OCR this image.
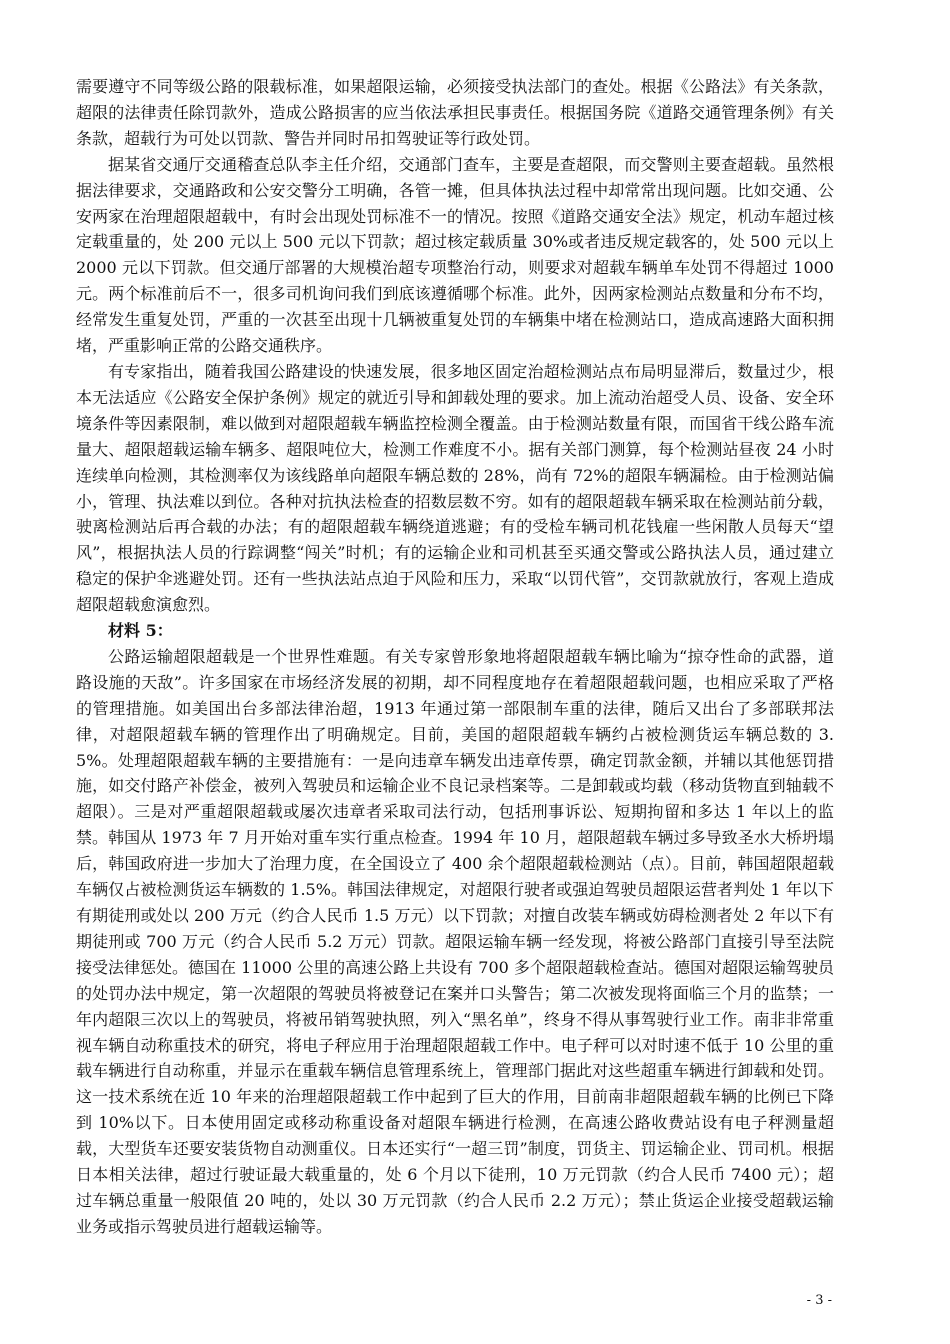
需要遵守不同等级公路的限载标准，如果超限运输，必须接受执法部门的查处。根据《公路法》有关条款，超限的法律责任除罚款外，造成公路损害的应当依法承担民事责任。根据国务院《道路交通管理条例》有关条款，超载行为可处以罚款、警告并同时吊扣驾驶证等行政处罚。

据某省交通厅交通稽查总队李主任介绍，交通部门查车，主要是查超限，而交警则主要查超载。虽然根据法律要求，交通路政和公安交警分工明确，各管一摊，但具体执法过程中却常常出现问题。比如交通、公安两家在治理超限超载中，有时会出现处罚标准不一的情况。按照《道路交通安全法》规定，机动车超过核定载重量的，处 200 元以上 500 元以下罚款；超过核定载质量 30%或者违反规定载客的，处 500 元以上 2000 元以下罚款。但交通厅部署的大规模治超专项整治行动，则要求对超载车辆单车处罚不得超过 1000 元。两个标准前后不一，很多司机询问我们到底该遵循哪个标准。此外，因两家检测站点数量和分布不均，经常发生重复处罚，严重的一次甚至出现十几辆被重复处罚的车辆集中堵在检测站口，造成高速路大面积拥堵，严重影响正常的公路交通秩序。

有专家指出，随着我国公路建设的快速发展，很多地区固定治超检测站点布局明显滞后，数量过少，根本无法适应《公路安全保护条例》规定的就近引导和卸载处理的要求。加上流动治超受人员、设备、安全环境条件等因素限制，难以做到对超限超载车辆监控检测全覆盖。由于检测站数量有限，而国省干线公路车流量大、超限超载运输车辆多、超限吨位大，检测工作难度不小。据有关部门测算，每个检测站昼夜 24 小时连续单向检测，其检测率仅为该线路单向超限车辆总数的 28%，尚有 72%的超限车辆漏检。由于检测站偏小，管理、执法难以到位。各种对抗执法检查的招数层数不穷。如有的超限超载车辆采取在检测站前分载，驶离检测站后再合载的办法；有的超限超载车辆绕道逃避；有的受检车辆司机花钱雇一些闲散人员每天“望风”，根据执法人员的行踪调整“闯关”时机；有的运输企业和司机甚至买通交警或公路执法人员，通过建立稳定的保护伞逃避处罚。还有一些执法站点迫于风险和压力，采取“以罚代管”，交罚款就放行，客观上造成超限超载愈演愈烈。

材料 5：

公路运输超限超载是一个世界性难题。有关专家曾形象地将超限超载车辆比喻为“掠夺性命的武器，道路设施的天敌”。许多国家在市场经济发展的初期，却不同程度地存在着超限超载问题，也相应采取了严格的管理措施。如美国出台多部法律治超，1913 年通过第一部限制车重的法律，随后又出台了多部联邦法律，对超限超载车辆的管理作出了明确规定。目前，美国的超限超载车辆约占被检测货运车辆总数的 3.5%。处理超限超载车辆的主要措施有：一是向违章车辆发出违章传票，确定罚款金额，并辅以其他惩罚措施，如交付路产补偿金，被列入驾驶员和运输企业不良记录档案等。二是卸载或均载（移动货物直到轴载不超限）。三是对严重超限超载或屡次违章者采取司法行动，包括刑事诉讼、短期拘留和多达 1 年以上的监禁。韩国从 1973 年 7 月开始对重车实行重点检查。1994 年 10 月，超限超载车辆过多导致圣水大桥坍塌后，韩国政府进一步加大了治理力度，在全国设立了 400 余个超限超载检测站（点）。目前，韩国超限超载车辆仅占被检测货运车辆数的 1.5%。韩国法律规定，对超限行驶者或强迫驾驶员超限运营者判处 1 年以下有期徒刑或处以 200 万元（约合人民币 1.5 万元）以下罚款；对擅自改装车辆或妨碍检测者处 2 年以下有期徒刑或 700 万元（约合人民币 5.2 万元）罚款。超限运输车辆一经发现，将被公路部门直接引导至法院接受法律惩处。德国在 11000 公里的高速公路上共设有 700 多个超限超载检查站。德国对超限运输驾驶员的处罚办法中规定，第一次超限的驾驶员将被登记在案并口头警告；第二次被发现将面临三个月的监禁；一年内超限三次以上的驾驶员，将被吊销驾驶执照，列入“黑名单”，终身不得从事驾驶行业工作。南非非常重视车辆自动称重技术的研究，将电子秤应用于治理超限超载工作中。电子秤可以对时速不低于 10 公里的重载车辆进行自动称重，并显示在重载车辆信息管理系统上，管理部门据此对这些超重车辆进行卸载和处罚。这一技术系统在近 10 年来的治理超限超载工作中起到了巨大的作用，目前南非超限超载车辆的比例已下降到 10%以下。日本使用固定或移动称重设备对超限车辆进行检测，在高速公路收费站设有电子秤测量超载，大型货车还要安装货物自动测重仪。日本还实行“一超三罚”制度，罚货主、罚运输企业、罚司机。根据日本相关法律，超过行驶证最大载重量的，处 6 个月以下徒刑，10 万元罚款（约合人民币 7400 元）；超过车辆总重量一般限值 20 吨的，处以 30 万元罚款（约合人民币 2.2 万元）；禁止货运企业接受超载运输业务或指示驾驶员进行超载运输等。

- 3 -
